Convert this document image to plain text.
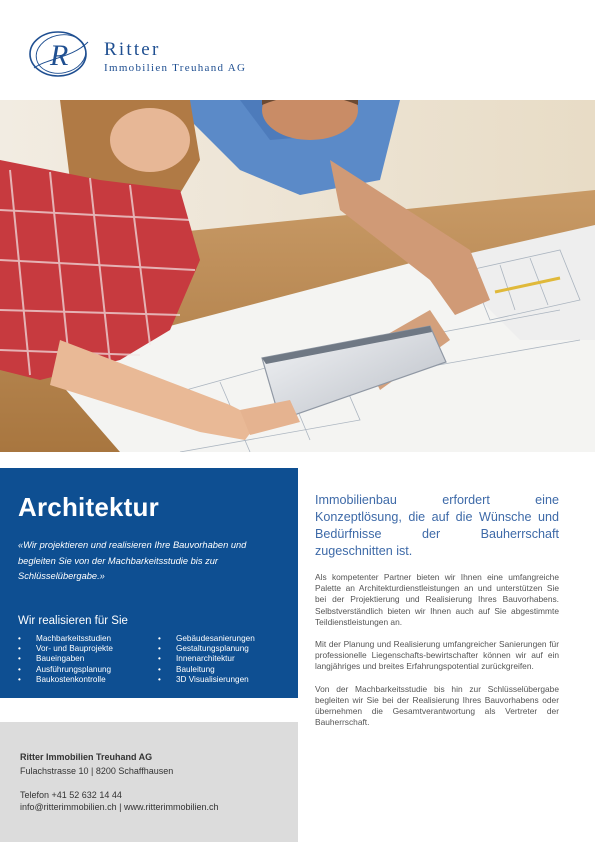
R Ritter
Immobilien Treuhand AG
Architektur
«Wir projektieren und realisieren Ihre Bauvorhaben und begleiten Sie von der Machbarkeitsstudie bis zur Schlüsselübergabe.»
Wir realisieren für Sie
• Machbarkeitsstudien
• Vor- und Bauprojekte
• Baueingaben
• Ausführungsplanung
• Baukostenkontrolle
• Gebäudesanierungen
• Gestaltungsplanung
• Innenarchitektur
• Bauleitung
• 3D Visualisierungen
Ritter Immobilien Treuhand AG
Fulachstrasse 10 | 8200 Schaffhausen
Telefon +41 52 632 14 44
info@ritterimmobilien.ch | www.ritterimmobilien.ch

Immobilienbau erfordert eine Konzeptlösung, die auf die Wünsche und Bedürfnisse der Bauherrschaft zugeschnitten ist.

Als kompetenter Partner bieten wir Ihnen eine umfangreiche Palette an Architekturdienstleistungen an und unterstützen Sie bei der Projektierung und Realisierung Ihres Bauvorhabens. Selbstverständlich bieten wir Ihnen auch auf Sie abgestimmte Teildienstleistungen an.

Mit der Planung und Realisierung umfangreicher Sanierungen für professionelle Liegenschafts-bewirtschafter können wir auf ein langjähriges und breites Erfahrungspotential zurückgreifen.

Von der Machbarkeitsstudie bis hin zur Schlüsselübergabe begleiten wir Sie bei der Realisierung Ihres Bauvorhabens oder übernehmen die Gesamtverantwortung als Vertreter der Bauherrschaft.
